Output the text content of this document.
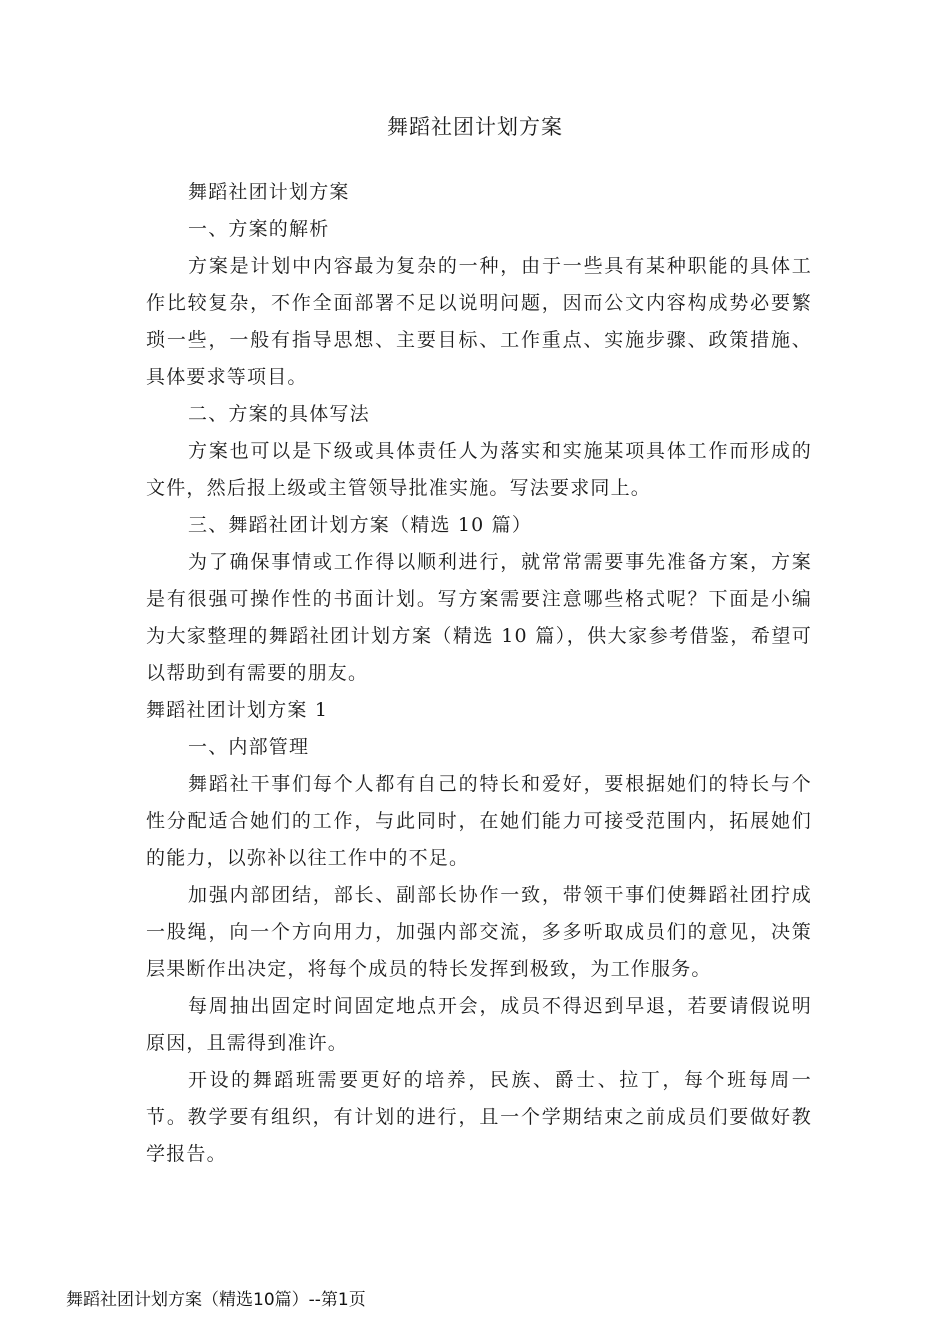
舞蹈社团计划方案

舞蹈社团计划方案

一、方案的解析

方案是计划中内容最为复杂的一种，由于一些具有某种职能的具体工作比较复杂，不作全面部署不足以说明问题，因而公文内容构成势必要繁琐一些，一般有指导思想、主要目标、工作重点、实施步骤、政策措施、具体要求等项目。

二、方案的具体写法

方案也可以是下级或具体责任人为落实和实施某项具体工作而形成的文件，然后报上级或主管领导批准实施。写法要求同上。

三、舞蹈社团计划方案（精选 10 篇）

为了确保事情或工作得以顺利进行，就常常需要事先准备方案，方案是有很强可操作性的书面计划。写方案需要注意哪些格式呢？下面是小编为大家整理的舞蹈社团计划方案（精选 10 篇），供大家参考借鉴，希望可以帮助到有需要的朋友。

舞蹈社团计划方案 1

一、内部管理

舞蹈社干事们每个人都有自己的特长和爱好，要根据她们的特长与个性分配适合她们的工作，与此同时，在她们能力可接受范围内，拓展她们的能力，以弥补以往工作中的不足。

加强内部团结，部长、副部长协作一致，带领干事们使舞蹈社团拧成一股绳，向一个方向用力，加强内部交流，多多听取成员们的意见，决策层果断作出决定，将每个成员的特长发挥到极致，为工作服务。

每周抽出固定时间固定地点开会，成员不得迟到早退，若要请假说明原因，且需得到准许。

开设的舞蹈班需要更好的培养，民族、爵士、拉丁，每个班每周一节。教学要有组织，有计划的进行，且一个学期结束之前成员们要做好教学报告。

舞蹈社团计划方案（精选10篇）--第1页
